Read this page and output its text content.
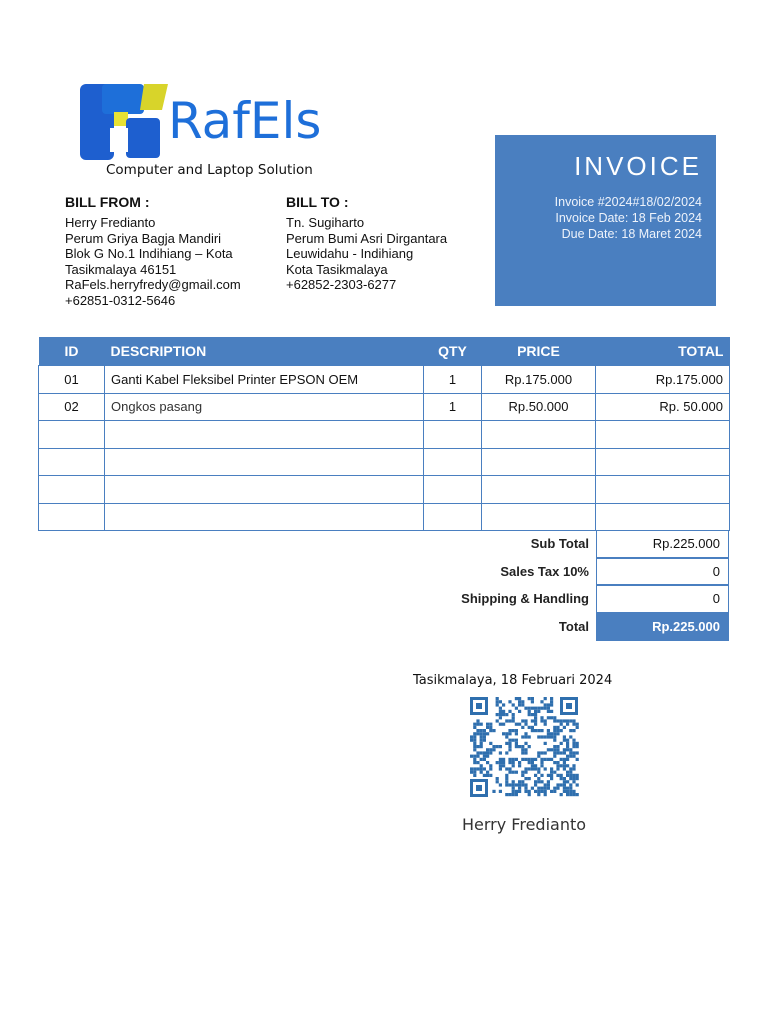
RafEls
Computer and Laptop Solution	INVOICE
Invoice #2024#18/02/2024
Invoice Date: 18 Feb 2024
Due Date: 18 Maret 2024
BILL FROM :
Herry Fredianto
Perum Griya Bagja Mandiri
Blok G No.1 Indihiang – Kota
Tasikmalaya 46151
RaFels.herryfredy@gmail.com
+62851-0312-5646
BILL TO :
Tn. Sugiharto
Perum Bumi Asri Dirgantara
Leuwidahu - Indihiang
Kota Tasikmalaya
+62852-2303-6277
ID	DESCRIPTION	QTY	PRICE	TOTAL
01	Ganti Kabel Fleksibel Printer EPSON OEM	1	Rp.175.000	Rp.175.000
02	Ongkos pasang	1	Rp.50.000	Rp. 50.000

Sub Total	Rp.225.000
Sales Tax 10%	0
Shipping & Handling	0
Total	Rp.225.000
Tasikmalaya, 18 Februari 2024
Herry Fredianto
